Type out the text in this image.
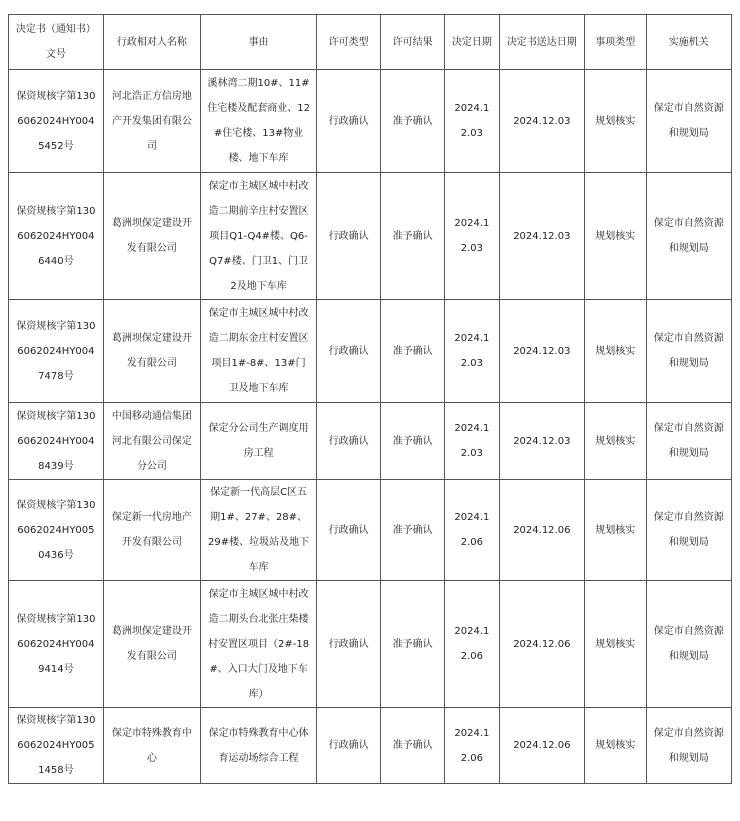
决定书（通知书）文号	行政相对人名称	事由	许可类型	许可结果	决定日期	决定书送达日期	事项类型	实施机关
保资规核字第1306062024HY0045452号	河北浩正方信房地产开发集团有限公司	溪林湾二期10#、11#住宅楼及配套商业、12#住宅楼、13#物业楼、地下车库	行政确认	准予确认	2024.12.03	2024.12.03	规划核实	保定市自然资源和规划局
保资规核字第1306062024HY0046440号	葛洲坝保定建设开发有限公司	保定市主城区城中村改造二期前辛庄村安置区项目Q1-Q4#楼、Q6-Q7#楼、门卫1、门卫2及地下车库	行政确认	准予确认	2024.12.03	2024.12.03	规划核实	保定市自然资源和规划局
保资规核字第1306062024HY0047478号	葛洲坝保定建设开发有限公司	保定市主城区城中村改造二期东金庄村安置区项目1#-8#、13#门卫及地下车库	行政确认	准予确认	2024.12.03	2024.12.03	规划核实	保定市自然资源和规划局
保资规核字第1306062024HY0048439号	中国移动通信集团河北有限公司保定分公司	保定分公司生产调度用房工程	行政确认	准予确认	2024.12.03	2024.12.03	规划核实	保定市自然资源和规划局
保资规核字第1306062024HY0050436号	保定新一代房地产开发有限公司	保定新一代高层C区五期1#、27#、28#、29#楼、垃圾站及地下车库	行政确认	准予确认	2024.12.06	2024.12.06	规划核实	保定市自然资源和规划局
保资规核字第1306062024HY0049414号	葛洲坝保定建设开发有限公司	保定市主城区城中村改造二期头台北张庄柴楼村安置区项目（2#-18#、入口大门及地下车库）	行政确认	准予确认	2024.12.06	2024.12.06	规划核实	保定市自然资源和规划局
保资规核字第1306062024HY0051458号	保定市特殊教育中心	保定市特殊教育中心体育运动场综合工程	行政确认	准予确认	2024.12.06	2024.12.06	规划核实	保定市自然资源和规划局
